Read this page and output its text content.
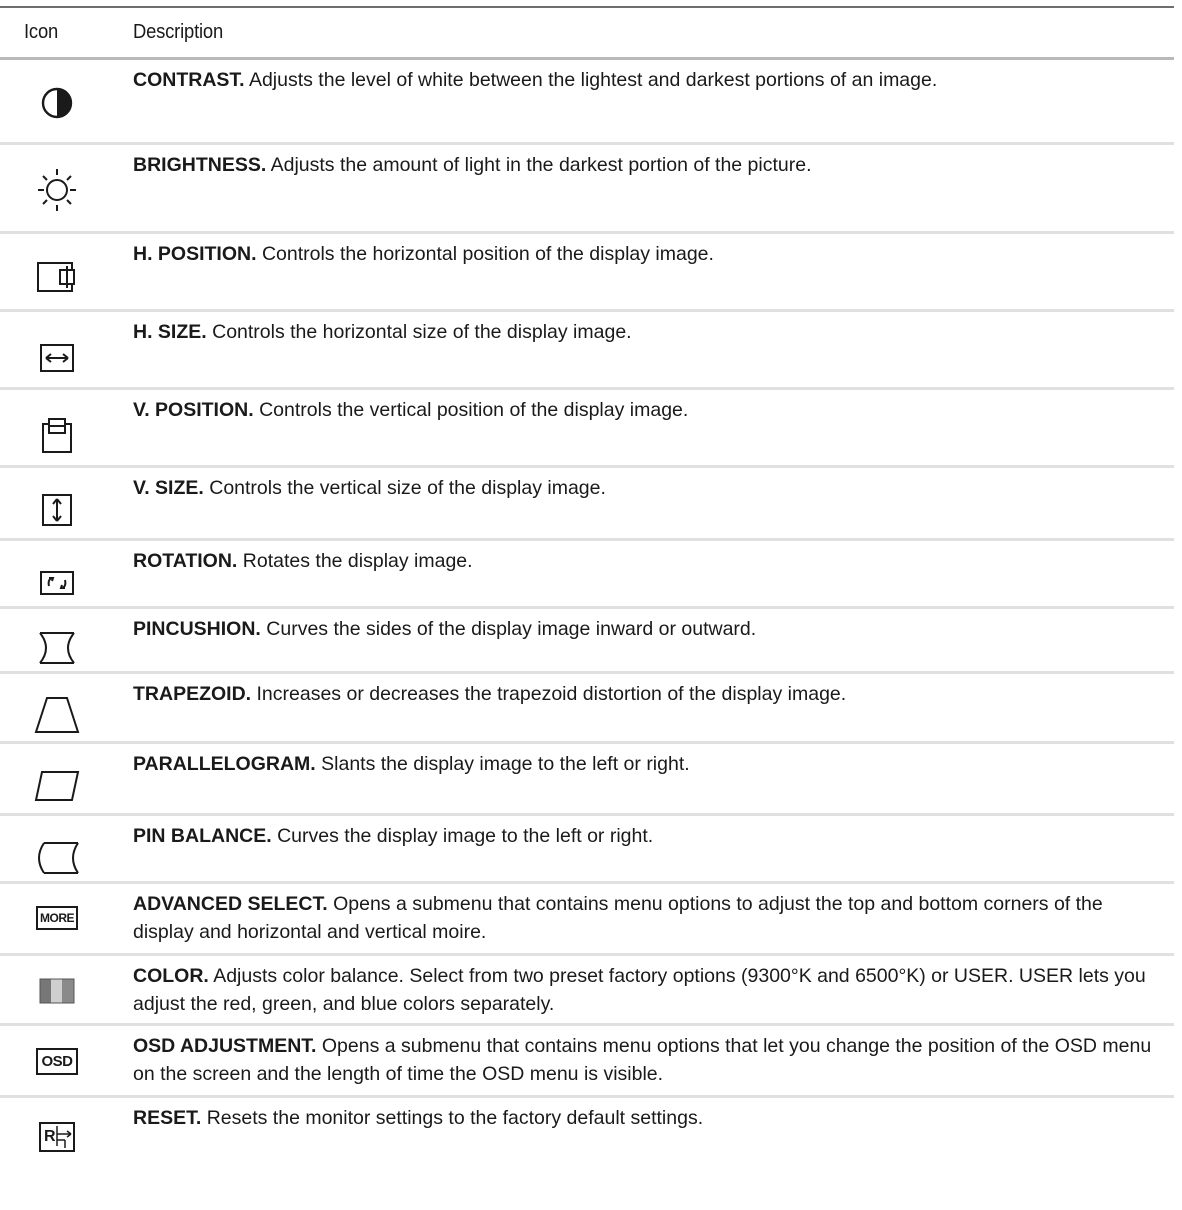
Icon	Description
CONTRAST. Adjusts the level of white between the lightest and darkest portions of an image.
BRIGHTNESS. Adjusts the amount of light in the darkest portion of the picture.
H. POSITION. Controls the horizontal position of the display image.
H. SIZE. Controls the horizontal size of the display image.
V. POSITION. Controls the vertical position of the display image.
V. SIZE. Controls the vertical size of the display image.
ROTATION. Rotates the display image.
PINCUSHION. Curves the sides of the display image inward or outward.
TRAPEZOID. Increases or decreases the trapezoid distortion of the display image.
PARALLELOGRAM. Slants the display image to the left or right.
PIN BALANCE. Curves the display image to the left or right.
MORE
ADVANCED SELECT. Opens a submenu that contains menu options to adjust the top and bottom corners of the display and horizontal and vertical moire.
COLOR. Adjusts color balance. Select from two preset factory options (9300°K and 6500°K) or USER. USER lets you adjust the red, green, and blue colors separately.
OSD
OSD ADJUSTMENT. Opens a submenu that contains menu options that let you change the position of the OSD menu on the screen and the length of time the OSD menu is visible.
R
RESET. Resets the monitor settings to the factory default settings.
